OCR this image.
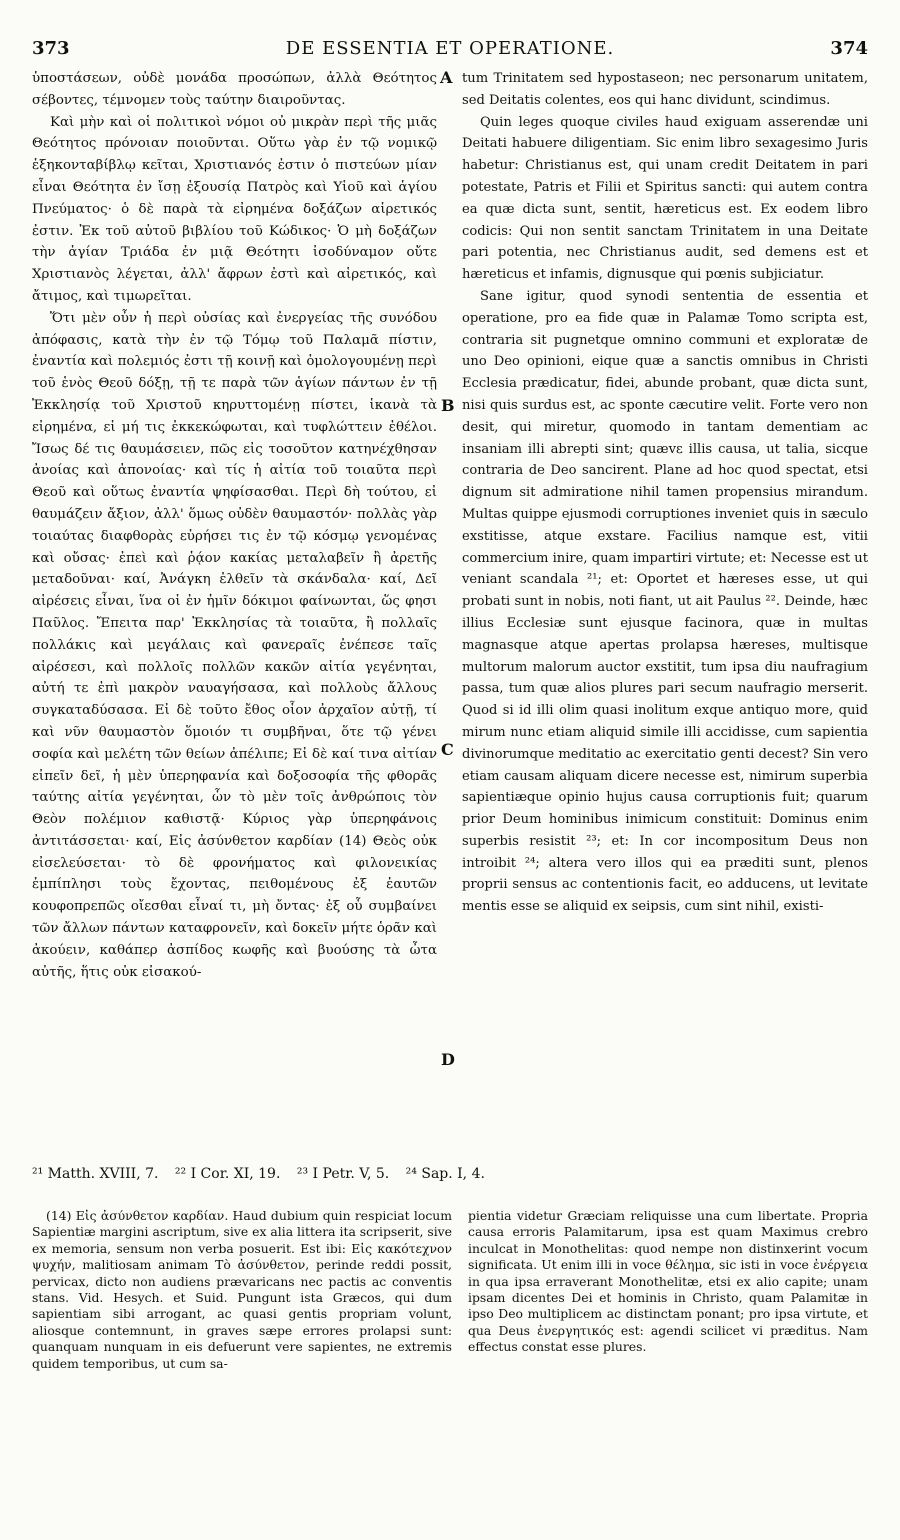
373	DE ESSENTIA ET OPERATIONE.	374

ὑποστάσεων, οὐδὲ μονάδα προσώπων, ἀλλὰ Θεότητος σέβοντες, τέμνομεν τοὺς ταύτην διαιροῦντας.

Καὶ μὴν καὶ οἱ πολιτικοὶ νόμοι οὐ μικρὰν περὶ τῆς μιᾶς Θεότητος πρόνοιαν ποιοῦνται. Οὕτω γὰρ ἐν τῷ νομικῷ ἑξηκονταβίβλῳ κεῖται, Χριστιανός ἐστιν ὁ πιστεύων μίαν εἶναι Θεότητα ἐν ἴσῃ ἐξουσίᾳ Πατρὸς καὶ Υἱοῦ καὶ ἁγίου Πνεύματος· ὁ δὲ παρὰ τὰ εἰρημένα δοξάζων αἱρετικός ἐστιν. Ἐκ τοῦ αὐτοῦ βιβλίου τοῦ Κώδικος· Ὁ μὴ δοξάζων τὴν ἁγίαν Τριάδα ἐν μιᾷ Θεότητι ἰσοδύναμον οὔτε Χριστιανὸς λέγεται, ἀλλ' ἄφρων ἐστὶ καὶ αἱρετικός, καὶ ἄτιμος, καὶ τιμωρεῖται.

Ὅτι μὲν οὖν ἡ περὶ οὐσίας καὶ ἐνεργείας τῆς συνόδου ἀπόφασις, κατὰ τὴν ἐν τῷ Τόμῳ τοῦ Παλαμᾶ πίστιν, ἐναντία καὶ πολεμιός ἐστι τῇ κοινῇ καὶ ὁμολογουμένῃ περὶ τοῦ ἑνὸς Θεοῦ δόξῃ, τῇ τε παρὰ τῶν ἁγίων πάντων ἐν τῇ Ἐκκλησίᾳ τοῦ Χριστοῦ κηρυττομένῃ πίστει, ἱκανὰ τὰ εἰρημένα, εἰ μή τις ἐκκεκώφωται, καὶ τυφλώττειν ἐθέλοι. Ἴσως δέ τις θαυμάσειεν, πῶς εἰς τοσοῦτον κατηνέχθησαν ἀνοίας καὶ ἀπονοίας· καὶ τίς ἡ αἰτία τοῦ τοιαῦτα περὶ Θεοῦ καὶ οὕτως ἐναντία ψηφίσασθαι. Περὶ δὴ τούτου, εἰ θαυμάζειν ἄξιον, ἀλλ' ὅμως οὐδὲν θαυμαστόν· πολλὰς γὰρ τοιαύτας διαφθορὰς εὑρήσει τις ἐν τῷ κόσμῳ γενομένας καὶ οὔσας· ἐπεὶ καὶ ῥᾴον κακίας μεταλαβεῖν ἢ ἀρετῆς μεταδοῦναι· καί, Ἀνάγκη ἐλθεῖν τὰ σκάνδαλα· καί, Δεῖ αἱρέσεις εἶναι, ἵνα οἱ ἐν ἡμῖν δόκιμοι φαίνωνται, ὥς φησι Παῦλος. Ἔπειτα παρ' Ἐκκλησίας τὰ τοιαῦτα, ἢ πολλαῖς πολλάκις καὶ μεγάλαις καὶ φανεραῖς ἐνέπεσε ταῖς αἱρέσεσι, καὶ πολλοῖς πολλῶν κακῶν αἰτία γεγένηται, αὐτή τε ἐπὶ μακρὸν ναυαγήσασα, καὶ πολλοὺς ἄλλους συγκαταδύσασα. Εἰ δὲ τοῦτο ἔθος οἷον ἀρχαῖον αὐτῇ, τί καὶ νῦν θαυμαστὸν ὅμοιόν τι συμβῆναι, ὅτε τῷ γένει σοφία καὶ μελέτη τῶν θείων ἀπέλιπε; Εἰ δὲ καί τινα αἰτίαν εἰπεῖν δεῖ, ἡ μὲν ὑπερηφανία καὶ δοξοσοφία τῆς φθορᾶς ταύτης αἰτία γεγένηται, ὧν τὸ μὲν τοῖς ἀνθρώποις τὸν Θεὸν πολέμιον καθιστᾷ· Κύριος γὰρ ὑπερηφάνοις ἀντιτάσσεται· καί, Εἰς ἀσύνθετον καρδίαν (14) Θεὸς οὐκ εἰσελεύσεται· τὸ δὲ φρονήματος καὶ φιλονεικίας ἐμπίπλησι τοὺς ἔχοντας, πειθομένους ἐξ ἑαυτῶν κουφοπρεπῶς οἴεσθαι εἶναί τι, μὴ ὄντας· ἐξ οὗ συμβαίνει τῶν ἄλλων πάντων καταφρονεῖν, καὶ δοκεῖν μήτε ὁρᾶν καὶ ἀκούειν, καθάπερ ἀσπίδος κωφῆς καὶ βυούσης τὰ ὦτα αὐτῆς, ἥτις οὐκ εἰσακού-

A
B
C
D

tum Trinitatem sed hypostaseon; nec personarum unitatem, sed Deitatis colentes, eos qui hanc dividunt, scindimus.

Quin leges quoque civiles haud exiguam asserendæ uni Deitati habuere diligentiam. Sic enim libro sexagesimo Juris habetur: Christianus est, qui unam credit Deitatem in pari potestate, Patris et Filii et Spiritus sancti: qui autem contra ea quæ dicta sunt, sentit, hæreticus est. Ex eodem libro codicis: Qui non sentit sanctam Trinitatem in una Deitate pari potentia, nec Christianus audit, sed demens est et hæreticus et infamis, dignusque qui pœnis subjiciatur.

Sane igitur, quod synodi sententia de essentia et operatione, pro ea fide quæ in Palamæ Tomo scripta est, contraria sit pugnetque omnino communi et exploratæ de uno Deo opinioni, eique quæ a sanctis omnibus in Christi Ecclesia prædicatur, fidei, abunde probant, quæ dicta sunt, nisi quis surdus est, ac sponte cæcutire velit. Forte vero non desit, qui miretur, quomodo in tantam dementiam ac insaniam illi abrepti sint; quævε illis causa, ut talia, sicque contraria de Deo sancirent. Plane ad hoc quod spectat, etsi dignum sit admiratione nihil tamen propensius mirandum. Multas quippe ejusmodi corruptiones inveniet quis in sæculo exstitisse, atque exstare. Facilius namque est, vitii commercium inire, quam impartiri virtute; et: Necesse est ut veniant scandala ²¹; et: Oportet et hæreses esse, ut qui probati sunt in nobis, noti fiant, ut ait Paulus ²². Deinde, hæc illius Ecclesiæ sunt ejusque facinora, quæ in multas magnasque atque apertas prolapsa hæreses, multisque multorum malorum auctor exstitit, tum ipsa diu naufragium passa, tum quæ alios plures pari secum naufragio merserit. Quod si id illi olim quasi inolitum exque antiquo more, quid mirum nunc etiam aliquid simile illi accidisse, cum sapientia divinorumque meditatio ac exercitatio genti decest? Sin vero etiam causam aliquam dicere necesse est, nimirum superbia sapientiæque opinio hujus causa corruptionis fuit; quarum prior Deum hominibus inimicum constituit: Dominus enim superbis resistit ²³; et: In cor incompositum Deus non introibit ²⁴; altera vero illos qui ea præditi sunt, plenos proprii sensus ac contentionis facit, eo adducens, ut levitate mentis esse se aliquid ex seipsis, cum sint nihil, existi-

²¹ Matth. XVIII, 7. ²² I Cor. XI, 19. ²³ I Petr. V, 5. ²⁴ Sap. I, 4.

(14) Εἰς ἀσύνθετον καρδίαν. Haud dubium quin respiciat locum Sapientiæ margini ascriptum, sive ex alia littera ita scripserit, sive ex memoria, sensum non verba posuerit. Est ibi: Εἰς κακότεχνον ψυχήν, malitiosam animam Τὸ ἀσύνθετον, perinde reddi possit, pervicax, dicto non audiens prævaricans nec pactis ac conventis stans. Vid. Hesych. et Suid. Pungunt ista Græcos, qui dum sapientiam sibi arrogant, ac quasi gentis propriam volunt, aliosque contemnunt, in graves sæpe errores prolapsi sunt: quanquam nunquam in eis defuerunt vere sapientes, ne extremis quidem temporibus, ut cum sa-

pientia videtur Græciam reliquisse una cum libertate. Propria causa erroris Palamitarum, ipsa est quam Maximus crebro inculcat in Monothelitas: quod nempe non distinxerint vocum significata. Ut enim illi in voce θέλημα, sic isti in voce ἐνέργεια in qua ipsa erraverant Monothelitæ, etsi ex alio capite; unam ipsam dicentes Dei et hominis in Christo, quam Palamitæ in ipso Deo multiplicem ac distinctam ponant; pro ipsa virtute, et qua Deus ἐνεργητικός est: agendi scilicet vi præditus. Nam effectus constat esse plures.
